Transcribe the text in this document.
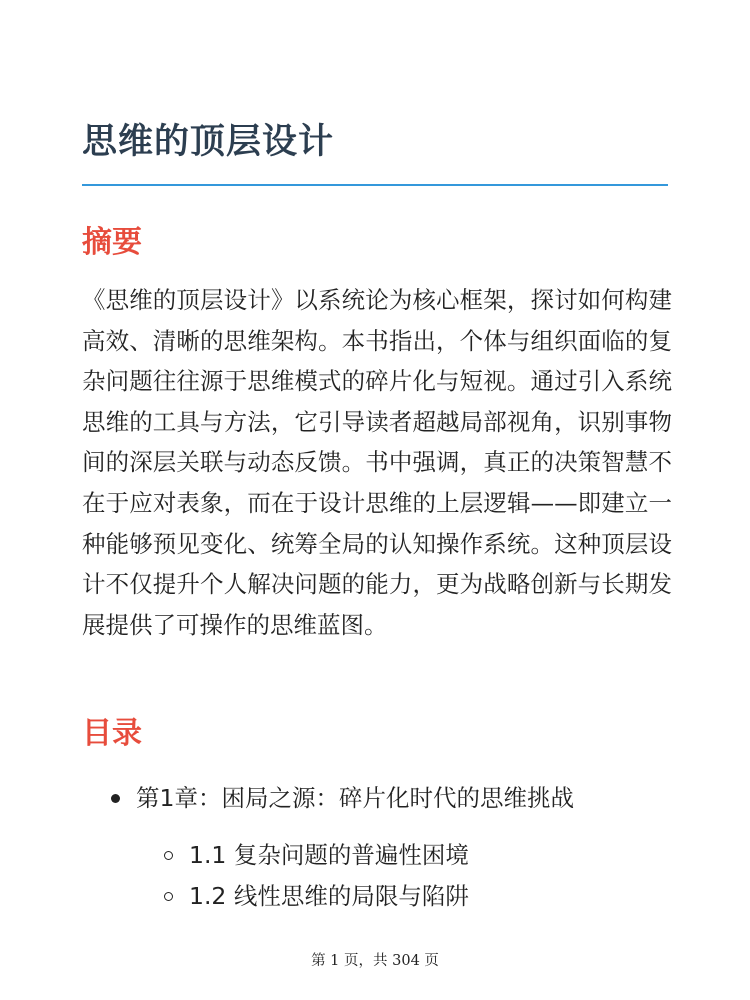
思维的顶层设计
摘要

《思维的顶层设计》以系统论为核心框架，探讨如何构建高效、清晰的思维架构。本书指出，个体与组织面临的复杂问题往往源于思维模式的碎片化与短视。通过引入系统思维的工具与方法，它引导读者超越局部视角，识别事物间的深层关联与动态反馈。书中强调，真正的决策智慧不在于应对表象，而在于设计思维的上层逻辑——即建立一种能够预见变化、统筹全局的认知操作系统。这种顶层设计不仅提升个人解决问题的能力，更为战略创新与长期发展提供了可操作的思维蓝图。

目录
第1章：困局之源：碎片化时代的思维挑战
1.1 复杂问题的普遍性困境
1.2 线性思维的局限与陷阱
第 1 页，共 304 页
